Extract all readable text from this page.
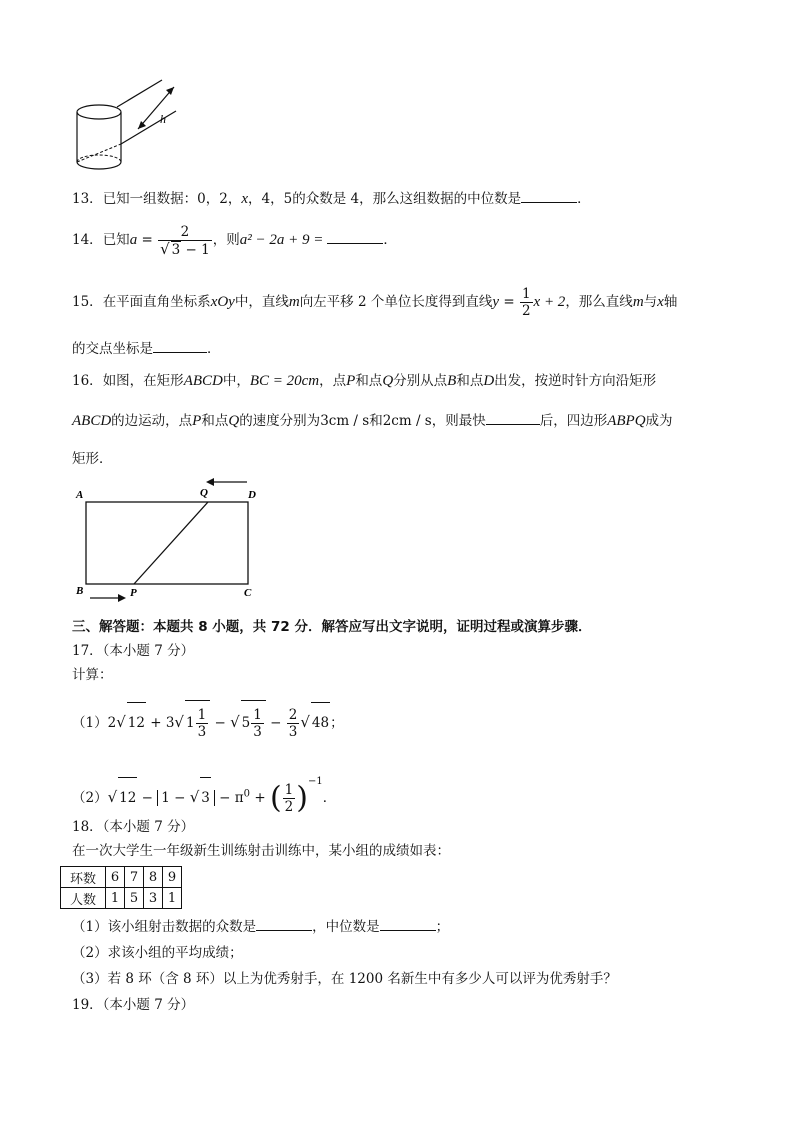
h
13．已知一组数据：0，2，x，4，5的众数是 4，那么这组数据的中位数是	．
14．已知a = 2
√ 3 − 1 ，则a² − 2a + 9 =	．
15．在平面直角坐标系xOy中，直线m向左平移 2 个单位长度得到直线$y = \frac{1}{2}$ x + 2，那么直线m与x轴
的交点坐标是	．
16．如图，在矩形ABCD中，BC = 20cm，点P和点Q分别从点B和点D出发，按逆时针方向沿矩形
ABCD的边运动，点P和点Q的速度分别为3cm / s和2cm / s，则最快	后，四边形ABPQ成为
矩形．
A	Q	D
B	P	C
三、解答题：本题共 8 小题，共 72 分．解答应写出文字说明，证明过程或演算步骤．
17．（本小题 7 分）
计算：
（1）2 √ 12 + 3 √ $1 \frac{1}{3}$ − √ $5 \frac{1}{3} - \frac{2}{3}$ √ 48；
（2） √ 12 − 1 − √ $3 - \pi^0$ + ( $\frac{1}{2} )^{-1}$．
18．（本小题 7 分）
在一次大学生一年级新生训练射击训练中，某小组的成绩如表：
环数	6	7	8	9
人数	1	5	3	1
（1）该小组射击数据的众数是	，中位数是	；
（2）求该小组的平均成绩；
（3）若 8 环（含 8 环）以上为优秀射手，在 1200 名新生中有多少人可以评为优秀射手？
19．（本小题 7 分）
